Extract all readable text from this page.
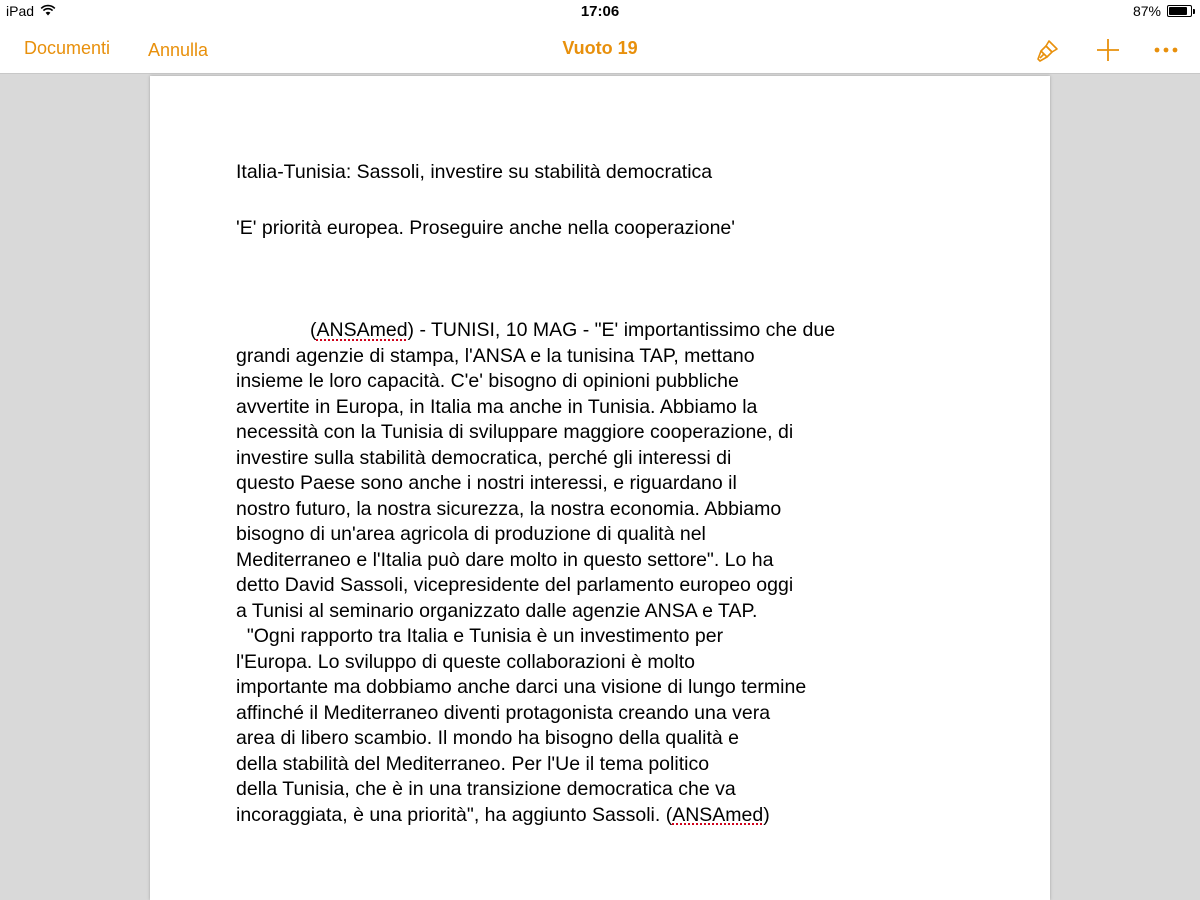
iPad	17:06	87%
Documenti Annulla	Vuoto 19
Italia-Tunisia: Sassoli, investire su stabilità democratica
'E' priorità europea. Proseguire anche nella cooperazione'
(ANSAmed) - TUNISI, 10 MAG - "E' importantissimo che due
grandi agenzie di stampa, l'ANSA e la tunisina TAP, mettano
insieme le loro capacità. C'e' bisogno di opinioni pubbliche
avvertite in Europa, in Italia ma anche in Tunisia. Abbiamo la
necessità con la Tunisia di sviluppare maggiore cooperazione, di
investire sulla stabilità democratica, perché gli interessi di
questo Paese sono anche i nostri interessi, e riguardano il
nostro futuro, la nostra sicurezza, la nostra economia. Abbiamo
bisogno di un'area agricola di produzione di qualità nel
Mediterraneo e l'Italia può dare molto in questo settore". Lo ha
detto David Sassoli, vicepresidente del parlamento europeo oggi
a Tunisi al seminario organizzato dalle agenzie ANSA e TAP.
"Ogni rapporto tra Italia e Tunisia è un investimento per
l'Europa. Lo sviluppo di queste collaborazioni è molto
importante ma dobbiamo anche darci una visione di lungo termine
affinché il Mediterraneo diventi protagonista creando una vera
area di libero scambio. Il mondo ha bisogno della qualità e
della stabilità del Mediterraneo. Per l'Ue il tema politico
della Tunisia, che è in una transizione democratica che va
incoraggiata, è una priorità", ha aggiunto Sassoli. (ANSAmed)
